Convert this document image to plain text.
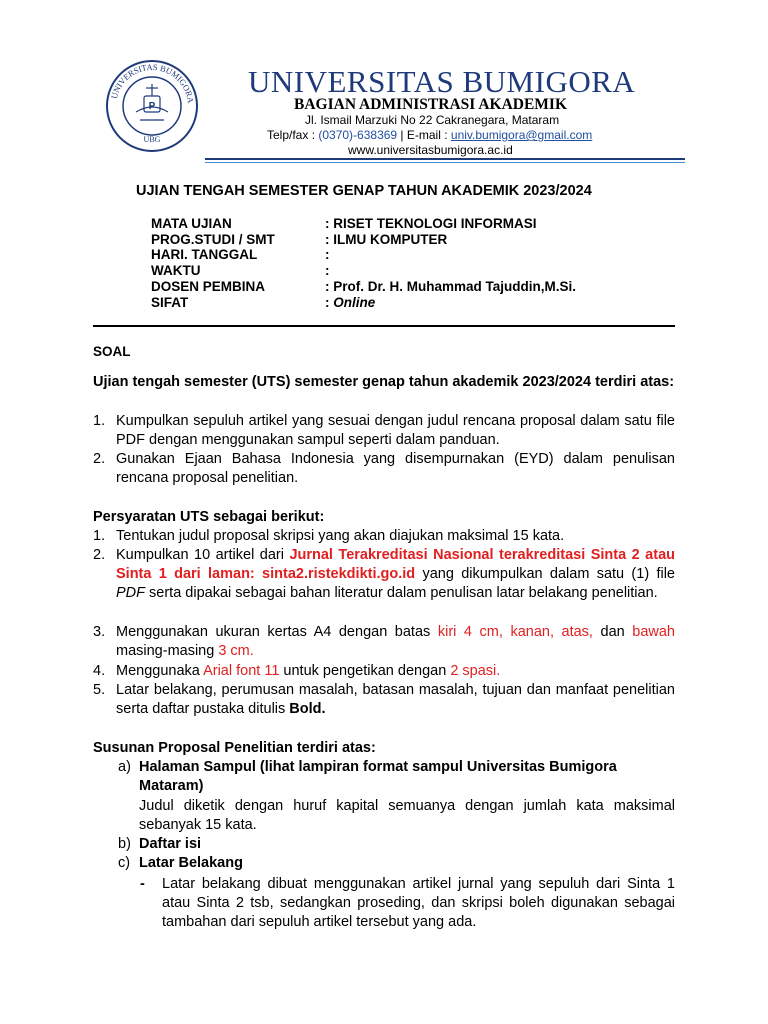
UNIVERSITAS BUMIGORA
P
UBG
UNIVERSITAS BUMIGORA
BAGIAN ADMINISTRASI AKADEMIK
Jl. Ismail Marzuki No 22 Cakranegara, Mataram
Telp/fax : (0370)-638369 | E-mail : univ.bumigora@gmail.com
www.universitasbumigora.ac.id
UJIAN TENGAH SEMESTER GENAP TAHUN AKADEMIK 2023/2024
MATA UJIAN	: RISET TEKNOLOGI INFORMASI
PROG.STUDI / SMT	: ILMU KOMPUTER
HARI. TANGGAL	:
WAKTU	:
DOSEN PEMBINA	: Prof. Dr. H. Muhammad Tajuddin,M.Si.
SIFAT	: Online
SOAL
Ujian tengah semester (UTS) semester genap tahun akademik 2023/2024 terdiri atas:
1. Kumpulkan sepuluh artikel yang sesuai dengan judul rencana proposal dalam satu file PDF dengan menggunakan sampul seperti dalam panduan.
2. Gunakan Ejaan Bahasa Indonesia yang disempurnakan (EYD) dalam penulisan rencana proposal penelitian.
Persyaratan UTS sebagai berikut:
1. Tentukan judul proposal skripsi yang akan diajukan maksimal 15 kata.
2. Kumpulkan 10 artikel dari Jurnal Terakreditasi Nasional terakreditasi Sinta 2 atau Sinta 1 dari laman: sinta2.ristekdikti.go.id yang dikumpulkan dalam satu (1) file PDF serta dipakai sebagai bahan literatur dalam penulisan latar belakang penelitian.
3. Menggunakan ukuran kertas A4 dengan batas kiri 4 cm, kanan, atas, dan bawah masing-masing 3 cm.
4. Menggunaka Arial font 11 untuk pengetikan dengan 2 spasi.
5. Latar belakang, perumusan masalah, batasan masalah, tujuan dan manfaat penelitian serta daftar pustaka ditulis Bold.
Susunan Proposal Penelitian terdiri atas:
a) Halaman Sampul (lihat lampiran format sampul Universitas Bumigora Mataram)
Judul diketik dengan huruf kapital semuanya dengan jumlah kata maksimal sebanyak 15 kata.
b) Daftar isi
c) Latar Belakang
- Latar belakang dibuat menggunakan artikel jurnal yang sepuluh dari Sinta 1 atau Sinta 2 tsb, sedangkan proseding, dan skripsi boleh digunakan sebagai tambahan dari sepuluh artikel tersebut yang ada.
